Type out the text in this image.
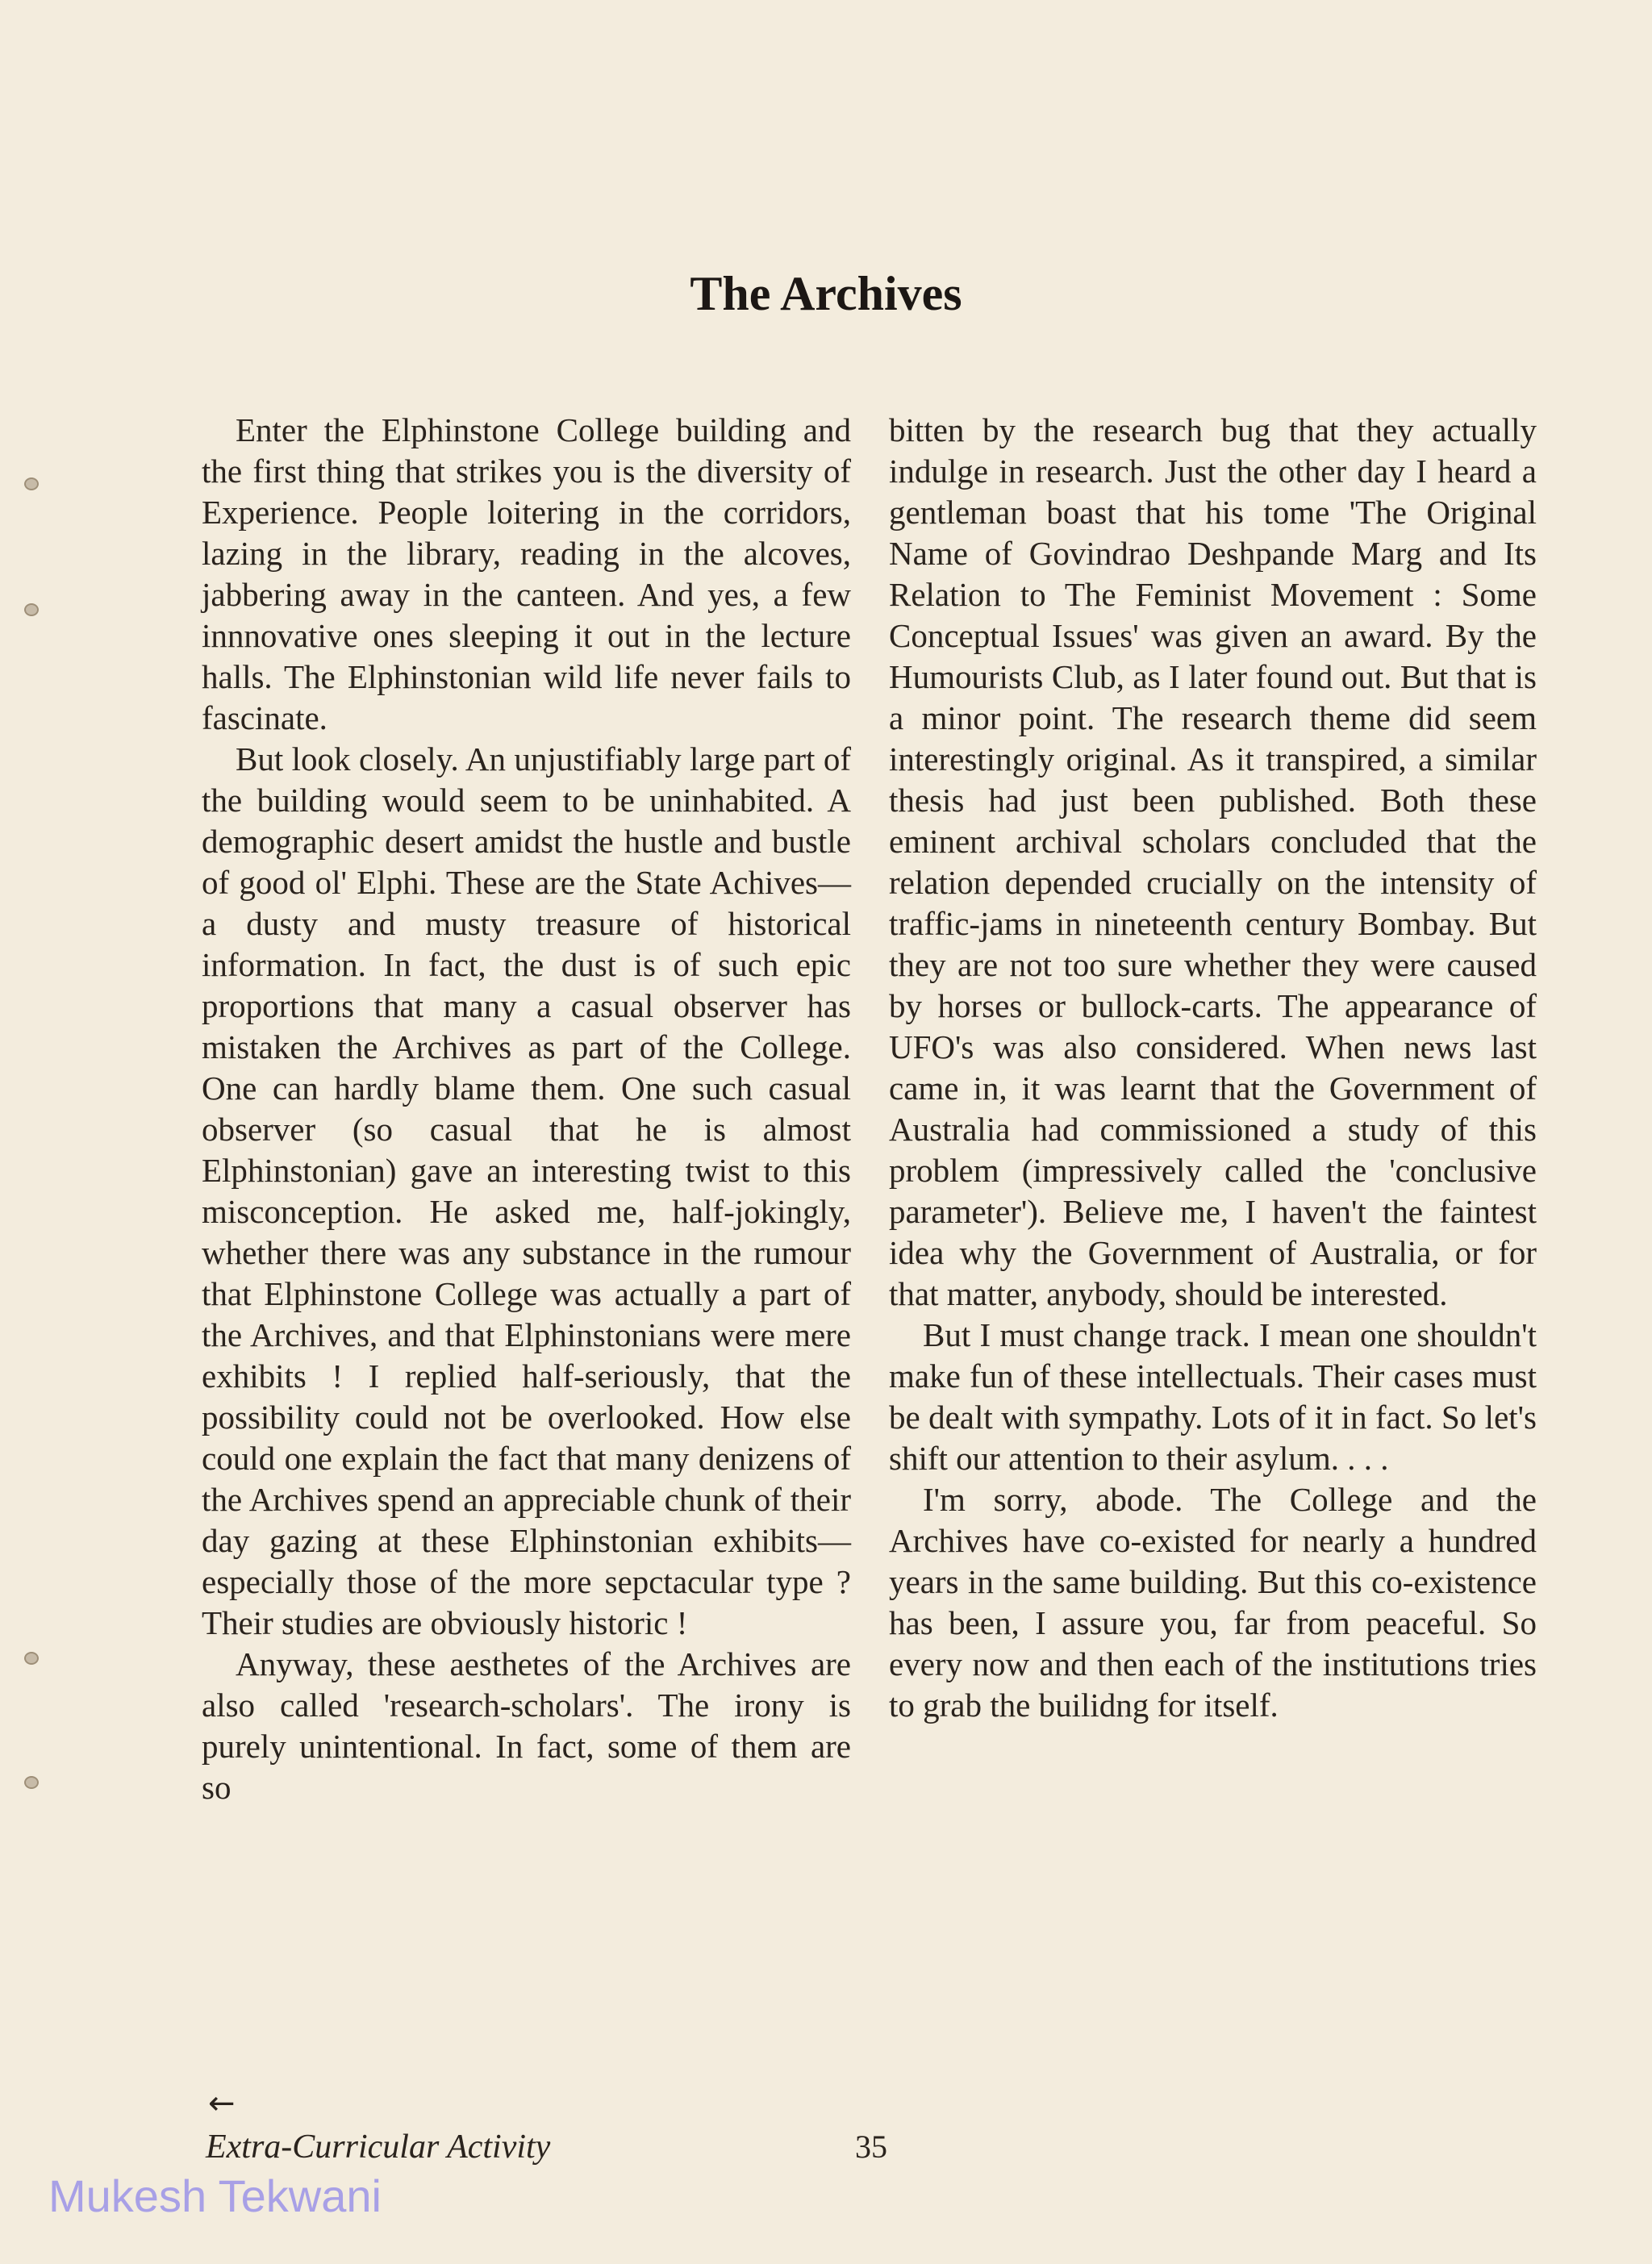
The Archives

Enter the Elphinstone College building and the first thing that strikes you is the diversity of Experience. People loitering in the corridors, lazing in the library, reading in the alcoves, jabbering away in the canteen. And yes, a few innnovative ones sleeping it out in the lecture halls. The Elphinstonian wild life never fails to fascinate.

But look closely. An unjustifiably large part of the building would seem to be uninhabited. A demographic desert amidst the hustle and bustle of good ol' Elphi. These are the State Achives—a dusty and musty treasure of historical information. In fact, the dust is of such epic proportions that many a casual observer has mistaken the Archives as part of the College. One can hardly blame them. One such casual observer (so casual that he is almost Elphinstonian) gave an interesting twist to this misconception. He asked me, half-jokingly, whether there was any substance in the rumour that Elphinstone College was actually a part of the Archives, and that Elphinstonians were mere exhibits ! I replied half-seriously, that the possibility could not be overlooked. How else could one explain the fact that many denizens of the Archives spend an appreciable chunk of their day gazing at these Elphinstonian exhibits—especially those of the more sepctacular type ? Their studies are obviously historic !

Anyway, these aesthetes of the Archives are also called 'research-scholars'. The irony is purely unintentional. In fact, some of them are so

bitten by the research bug that they actually indulge in research. Just the other day I heard a gentleman boast that his tome 'The Original Name of Govindrao Deshpande Marg and Its Relation to The Feminist Movement : Some Conceptual Issues' was given an award. By the Humourists Club, as I later found out. But that is a minor point. The research theme did seem interestingly original. As it transpired, a similar thesis had just been published. Both these eminent archival scholars concluded that the relation depended crucially on the intensity of traffic-jams in nineteenth century Bombay. But they are not too sure whether they were caused by horses or bullock-carts. The appearance of UFO's was also considered. When news last came in, it was learnt that the Government of Australia had commissioned a study of this problem (impressively called the 'conclusive parameter'). Believe me, I haven't the faintest idea why the Government of Australia, or for that matter, anybody, should be interested.

But I must change track. I mean one shouldn't make fun of these intellectuals. Their cases must be dealt with sympathy. Lots of it in fact. So let's shift our attention to their asylum. . . .

I'm sorry, abode. The College and the Archives have co-existed for nearly a hundred years in the same building. But this co-existence has been, I assure you, far from peaceful. So every now and then each of the institutions tries to grab the builidng for itself.

←
Extra-Curricular Activity	35
Mukesh Tekwani
